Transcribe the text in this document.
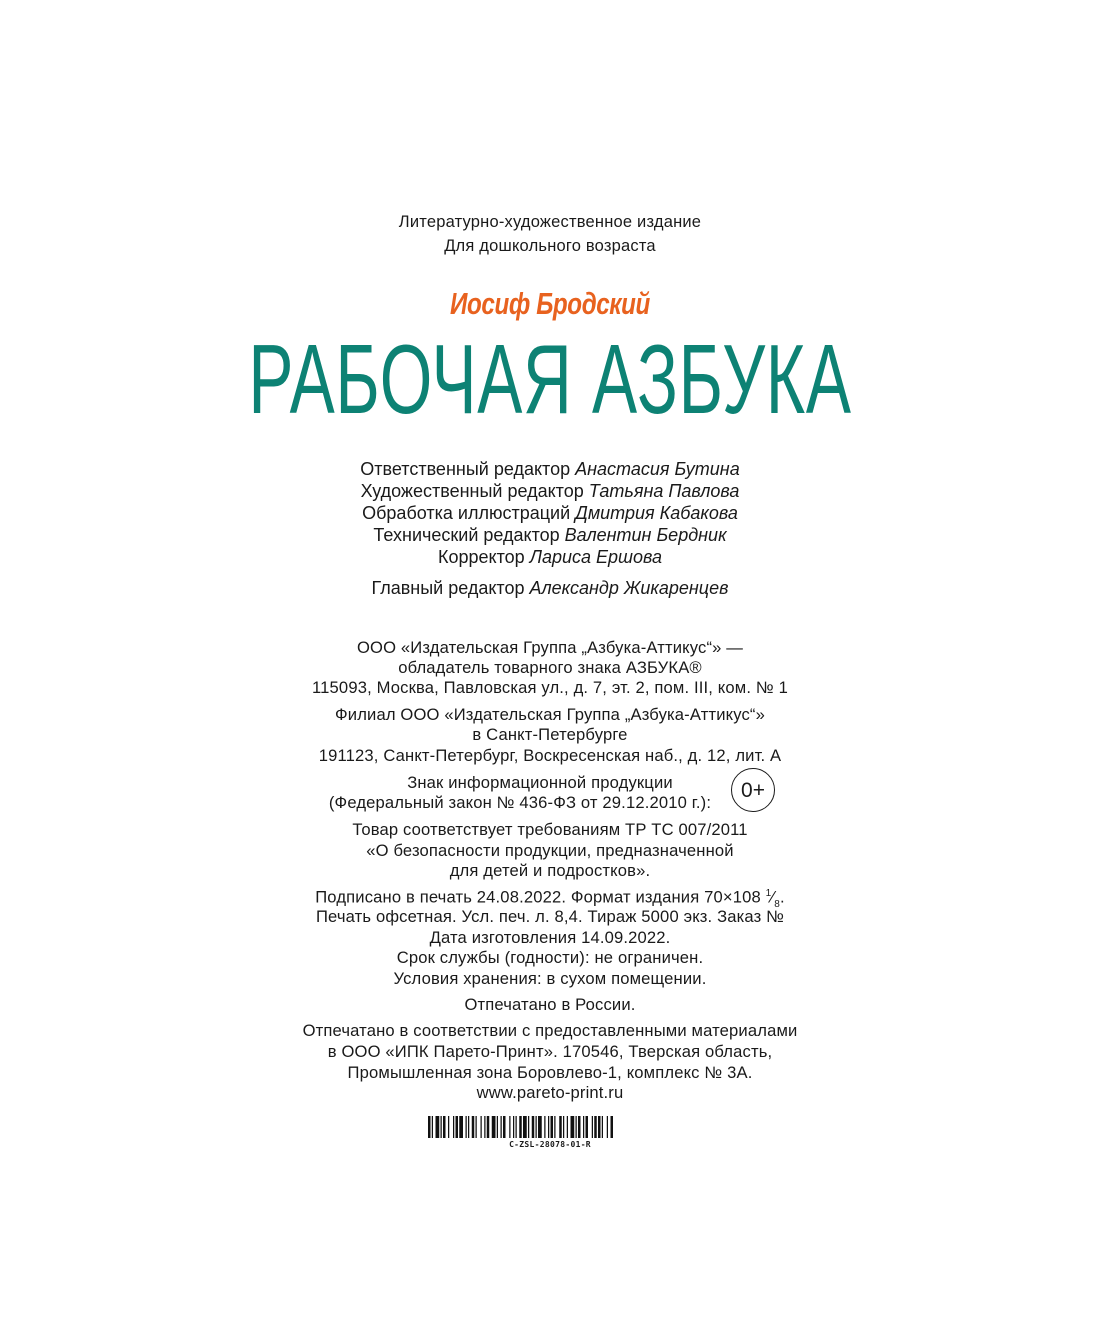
Литературно-художественное издание
Для дошкольного возраста
Иосиф Бродский
РАБОЧАЯ АЗБУКА
Ответственный редактор Анастасия Бутина
Художественный редактор Татьяна Павлова
Обработка иллюстраций Дмитрия Кабакова
Технический редактор Валентин Бердник
Корректор Лариса Ершова
Главный редактор Александр Жикаренцев
ООО «Издательская Группа „Азбука-Аттикус“» —
обладатель товарного знака АЗБУКА®
115093, Москва, Павловская ул., д. 7, эт. 2, пом. III, ком. № 1
Филиал ООО «Издательская Группа „Азбука-Аттикус“»
в Санкт-Петербурге
191123, Санкт-Петербург, Воскресенская наб., д. 12, лит. А
Знак информационной продукции
(Федеральный закон № 436-ФЗ от 29.12.2010 г.):
0+
Товар соответствует требованиям ТР ТС 007/2011
«О безопасности продукции, предназначенной
для детей и подростков».
Подписано в печать 24.08.2022. Формат издания 70×108 $^1⁄_8$.
Печать офсетная. Усл. печ. л. 8,4. Тираж 5000 экз. Заказ №
Дата изготовления 14.09.2022.
Срок службы (годности): не ограничен.
Условия хранения: в сухом помещении.
Отпечатано в России.
Отпечатано в соответствии с предоставленными материалами
в ООО «ИПК Парето-Принт». 170546, Тверская область,
Промышленная зона Боровлево-1, комплекс № 3А.
www.pareto-print.ru
C-ZSL-28078-01-R
